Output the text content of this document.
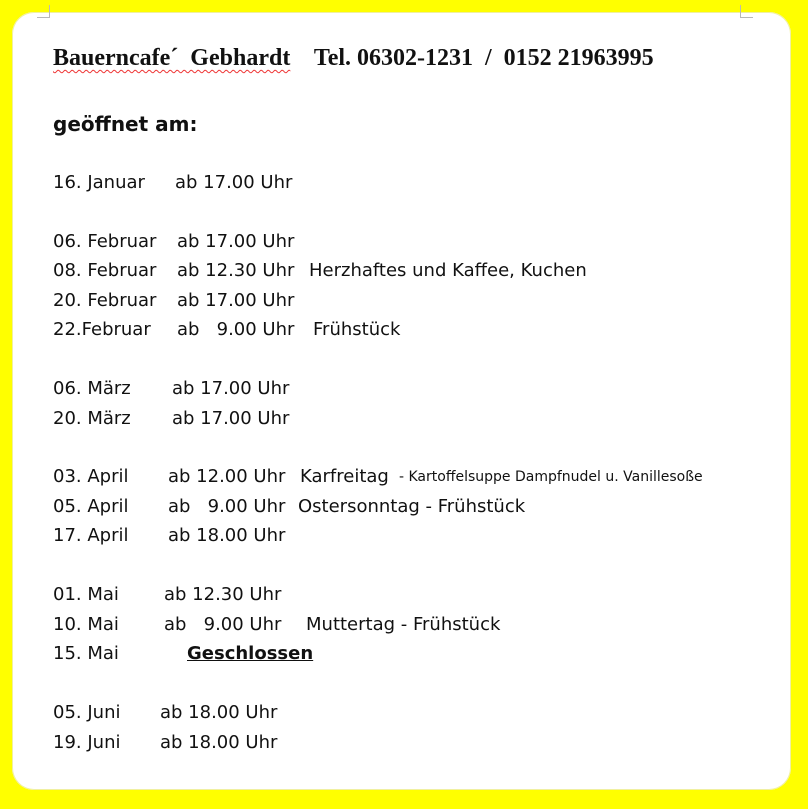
Bauerncafe´  Gebhardt Tel. 06302-1231  /  0152 21963995
geöffnet am:
16. Januar ab 17.00 Uhr
06. Februar ab 17.00 Uhr
08. Februar ab 12.30 Uhr Herzhaftes und Kaffee, Kuchen
20. Februar ab 17.00 Uhr
22.Februar ab   9.00 Uhr Frühstück
06. März ab 17.00 Uhr
20. März ab 17.00 Uhr
03. April ab 12.00 Uhr Karfreitag - Kartoffelsuppe Dampfnudel u. Vanillesoße
05. April ab   9.00 Uhr Ostersonntag - Frühstück
17. April ab 18.00 Uhr
01. Mai	ab 12.30 Uhr
10. Mai	ab   9.00 Uhr Muttertag - Frühstück
15. Mai	Geschlossen
05. Juni ab 18.00 Uhr
19. Juni ab 18.00 Uhr
